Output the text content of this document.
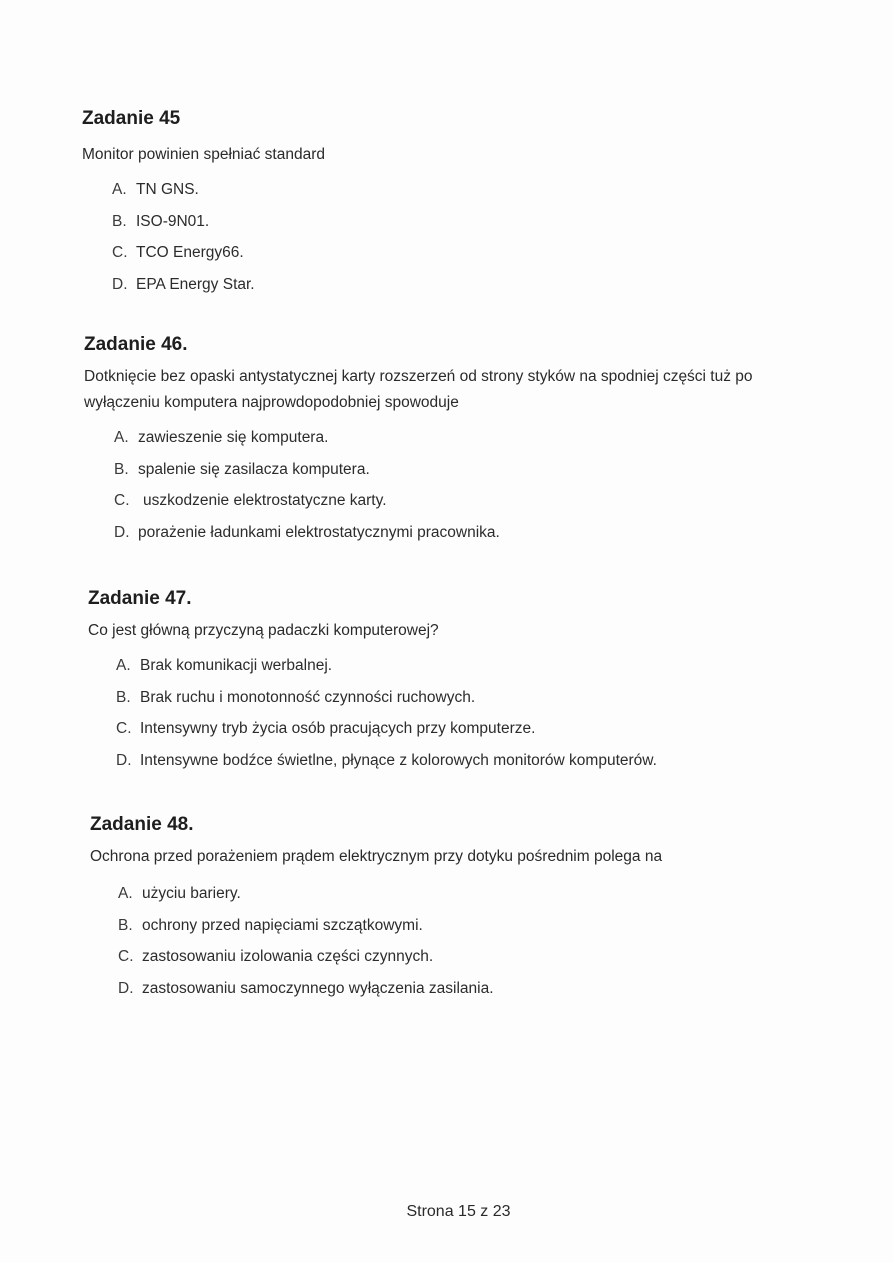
Zadanie 45
Monitor powinien spełniać standard
A. TN GNS.
B. ISO-9N01.
C. TCO Energy66.
D. EPA Energy Star.
Zadanie 46.
Dotknięcie bez opaski antystatycznej karty rozszerzeń od strony styków na spodniej części tuż po wyłączeniu komputera najprowdopodobniej spowoduje
A. zawieszenie się komputera.
B. spalenie się zasilacza komputera.
C. uszkodzenie elektrostatyczne karty.
D. porażenie ładunkami elektrostatycznymi pracownika.
Zadanie 47.
Co jest główną przyczyną padaczki komputerowej?
A. Brak komunikacji werbalnej.
B. Brak ruchu i monotonność czynności ruchowych.
C. Intensywny tryb życia osób pracujących przy komputerze.
D. Intensywne bodźce świetlne, płynące z kolorowych monitorów komputerów.
Zadanie 48.
Ochrona przed porażeniem prądem elektrycznym przy dotyku pośrednim polega na
A. użyciu bariery.
B. ochrony przed napięciami szczątkowymi.
C. zastosowaniu izolowania części czynnych.
D. zastosowaniu samoczynnego wyłączenia zasilania.
Strona 15 z 23
